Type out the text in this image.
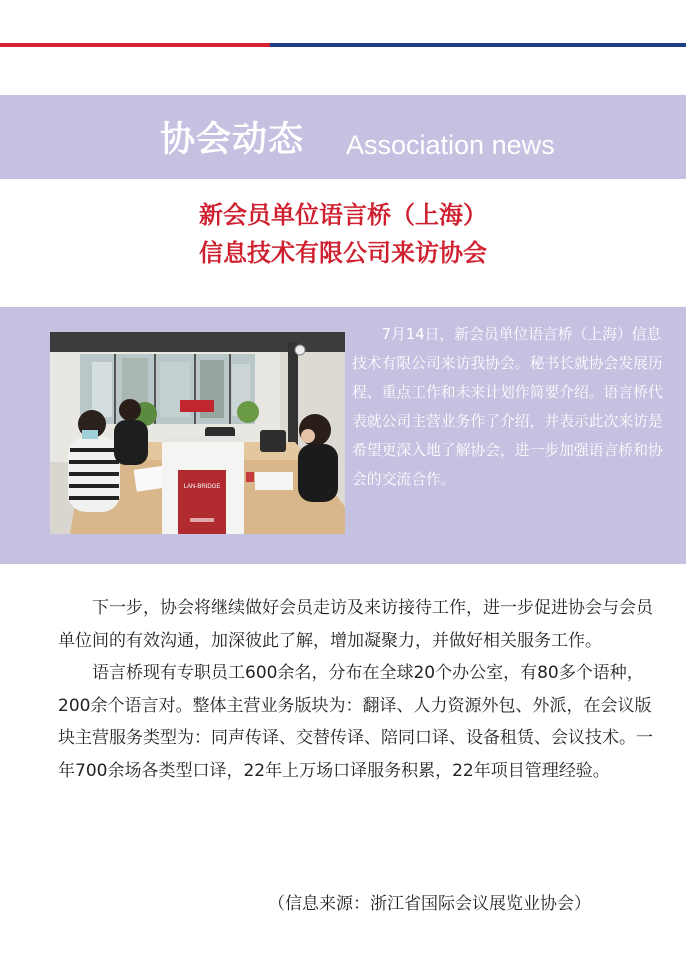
协会动态 Association news
新会员单位语言桥（上海）
信息技术有限公司来访协会
LAN-BRIDGE

7月14日，新会员单位语言桥（上海）信息技术有限公司来访我协会。秘书长就协会发展历程、重点工作和未来计划作简要介绍。语言桥代表就公司主营业务作了介绍，并表示此次来访是希望更深入地了解协会，进一步加强语言桥和协会的交流合作。

下一步，协会将继续做好会员走访及来访接待工作，进一步促进协会与会员单位间的有效沟通，加深彼此了解，增加凝聚力，并做好相关服务工作。

语言桥现有专职员工600余名，分布在全球20个办公室，有80多个语种，200余个语言对。整体主营业务版块为：翻译、人力资源外包、外派，在会议版块主营服务类型为：同声传译、交替传译、陪同口译、设备租赁、会议技术。一年700余场各类型口译，22年上万场口译服务积累，22年项目管理经验。

（信息来源：浙江省国际会议展览业协会）
